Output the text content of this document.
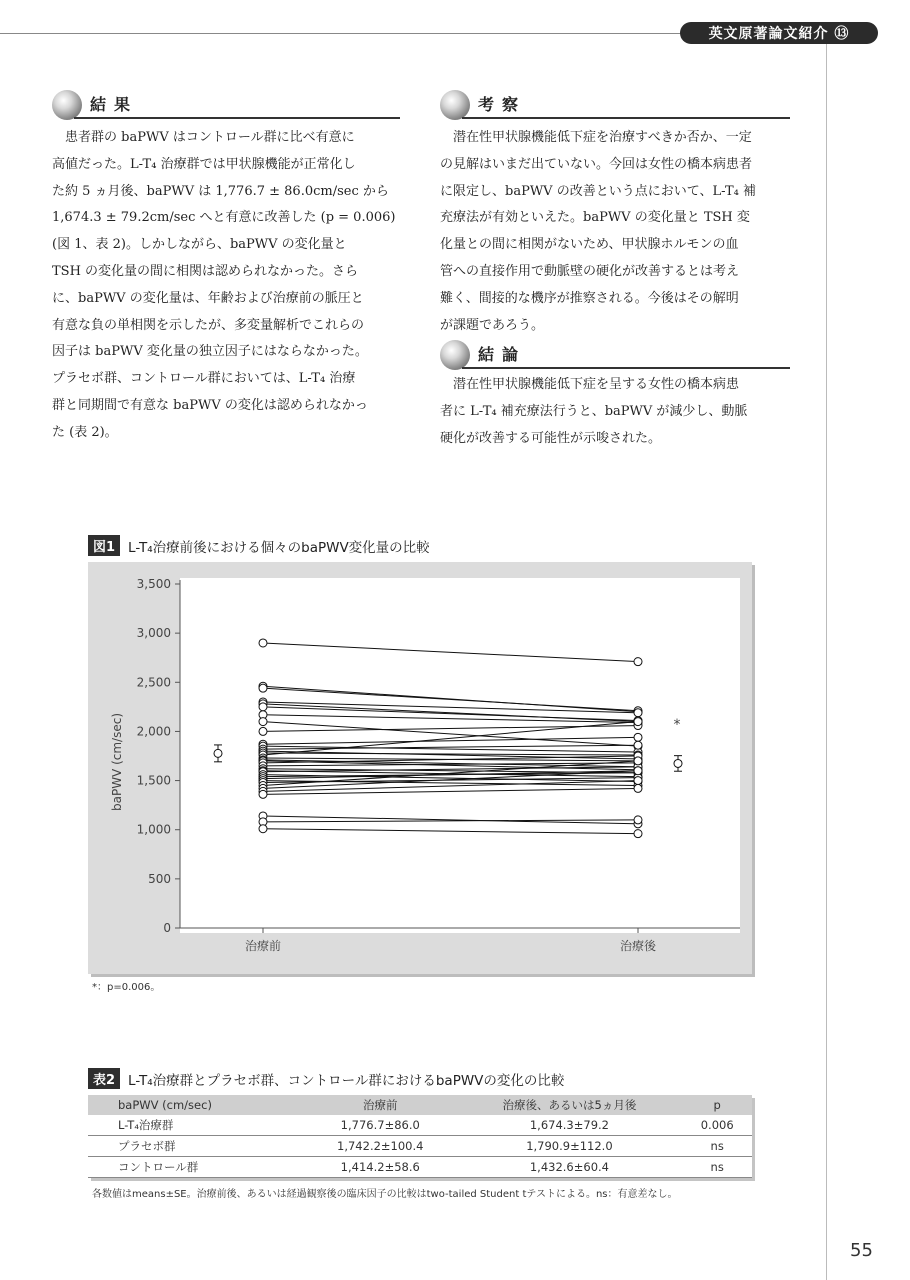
英文原著論文紹介 ⑬
結果
患者群の baPWV はコントロール群に比べ有意に
高値だった。L-T₄ 治療群では甲状腺機能が正常化し
た約 5 ヵ月後、baPWV は 1,776.7 ± 86.0cm/sec から
1,674.3 ± 79.2cm/sec へと有意に改善した (p = 0.006)
(図 1、表 2)。しかしながら、baPWV の変化量と
TSH の変化量の間に相関は認められなかった。さら
に、baPWV の変化量は、年齢および治療前の脈圧と
有意な負の単相関を示したが、多変量解析でこれらの
因子は baPWV 変化量の独立因子にはならなかった。
プラセボ群、コントロール群においては、L-T₄ 治療
群と同期間で有意な baPWV の変化は認められなかっ
た (表 2)。

考察
潜在性甲状腺機能低下症を治療すべきか否か、一定
の見解はいまだ出ていない。今回は女性の橋本病患者
に限定し、baPWV の改善という点において、L-T₄ 補
充療法が有効といえた。baPWV の変化量と TSH 変
化量との間に相関がないため、甲状腺ホルモンの血
管への直接作用で動脈壁の硬化が改善するとは考え
難く、間接的な機序が推察される。今後はその解明
が課題であろう。

結論
潜在性甲状腺機能低下症を呈する女性の橋本病患
者に L-T₄ 補充療法行うと、baPWV が減少し、動脈
硬化が改善する可能性が示唆された。

図1 L-T₄治療前後における個々のbaPWV変化量の比較
0
500
1,000
1,500
2,000
2,500
3,000
3,500
治療前	治療後
baPWV (cm/sec)	*
*：p=0.006。
表2 L-T₄治療群とプラセボ群、コントロール群におけるbaPWVの変化の比較
baPWV (cm/sec)	治療前	治療後、あるいは5ヵ月後	p
L-T₄治療群	1,776.7±86.0	1,674.3±79.2	0.006
プラセボ群	1,742.2±100.4	1,790.9±112.0	ns
コントロール群	1,414.2±58.6	1,432.6±60.4	ns
各数値はmeans±SE。治療前後、あるいは経過観察後の臨床因子の比較はtwo-tailed Student tテストによる。ns：有意差なし。
55
